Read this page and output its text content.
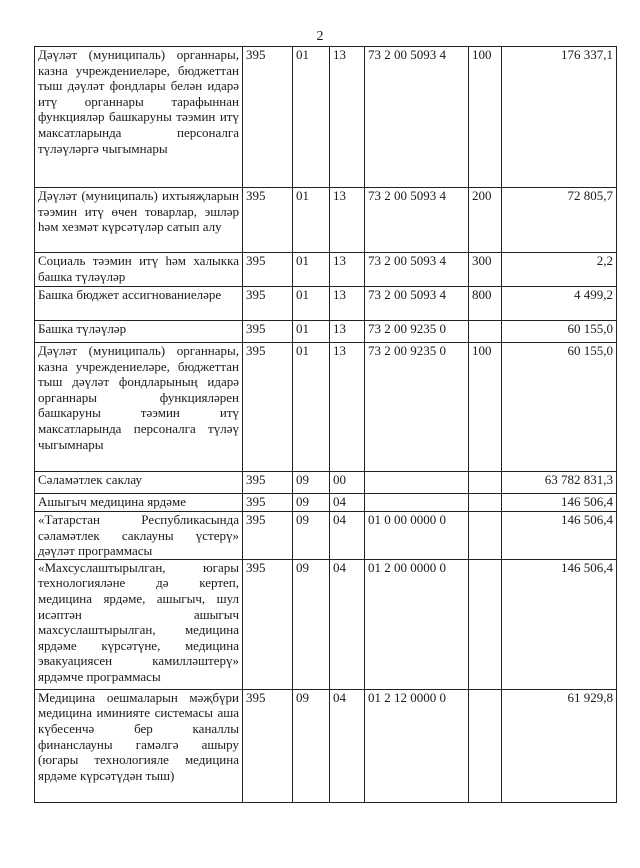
2
Дәүләт (муниципаль) органнары, казна учреждениеләре, бюджеттан тыш дәүләт фондлары белән идарә итү органнары тарафыннан функцияләр башкаруны тәэмин итү максатларында персоналга түләүләргә чыгымнары	395	01	13	73 2 00 5093 4	100	176 337,1
Дәүләт (муниципаль) ихтыяҗларын тәэмин итү өчен товарлар, эшләр һәм хезмәт күрсәтүләр сатып алу	395	01	13	73 2 00 5093 4	200	72 805,7
Социаль тәэмин итү һәм халыкка башка түләүләр	395	01	13	73 2 00 5093 4	300	2,2
Башка бюджет ассигнованиеләре	395	01	13	73 2 00 5093 4	800	4 499,2
Башка түләүләр	395	01	13	73 2 00 9235 0		60 155,0
Дәүләт (муниципаль) органнары, казна учреждениеләре, бюджеттан тыш дәүләт фондларының идарә органнары функцияләрен башкаруны тәэмин итү максатларында персоналга түләү чыгымнары	395	01	13	73 2 00 9235 0	100	60 155,0
Сәламәтлек саклау	395	09	00			63 782 831,3
Ашыгыч медицина ярдәме	395	09	04			146 506,4
«Татарстан Республикасында сәламәтлек саклауны үстерү» дәүләт программасы	395	09	04	01 0 00 0000 0		146 506,4
«Махсуслаштырылган, югары технологияләне дә кертеп, медицина ярдәме, ашыгыч, шул исәптән ашыгыч махсуслаштырылган, медицина ярдәме күрсәтүне, медицина эвакуациясен камилләштерү» ярдәмче программасы	395	09	04	01 2 00 0000 0		146 506,4
Медицина оешмаларын мәҗбүри медицина иминияте системасы аша күбесенчә бер каналлы финанслауны гамәлгә ашыру (югары технологияле медицина ярдәме күрсәтүдән тыш)	395	09	04	01 2 12 0000 0		61 929,8
